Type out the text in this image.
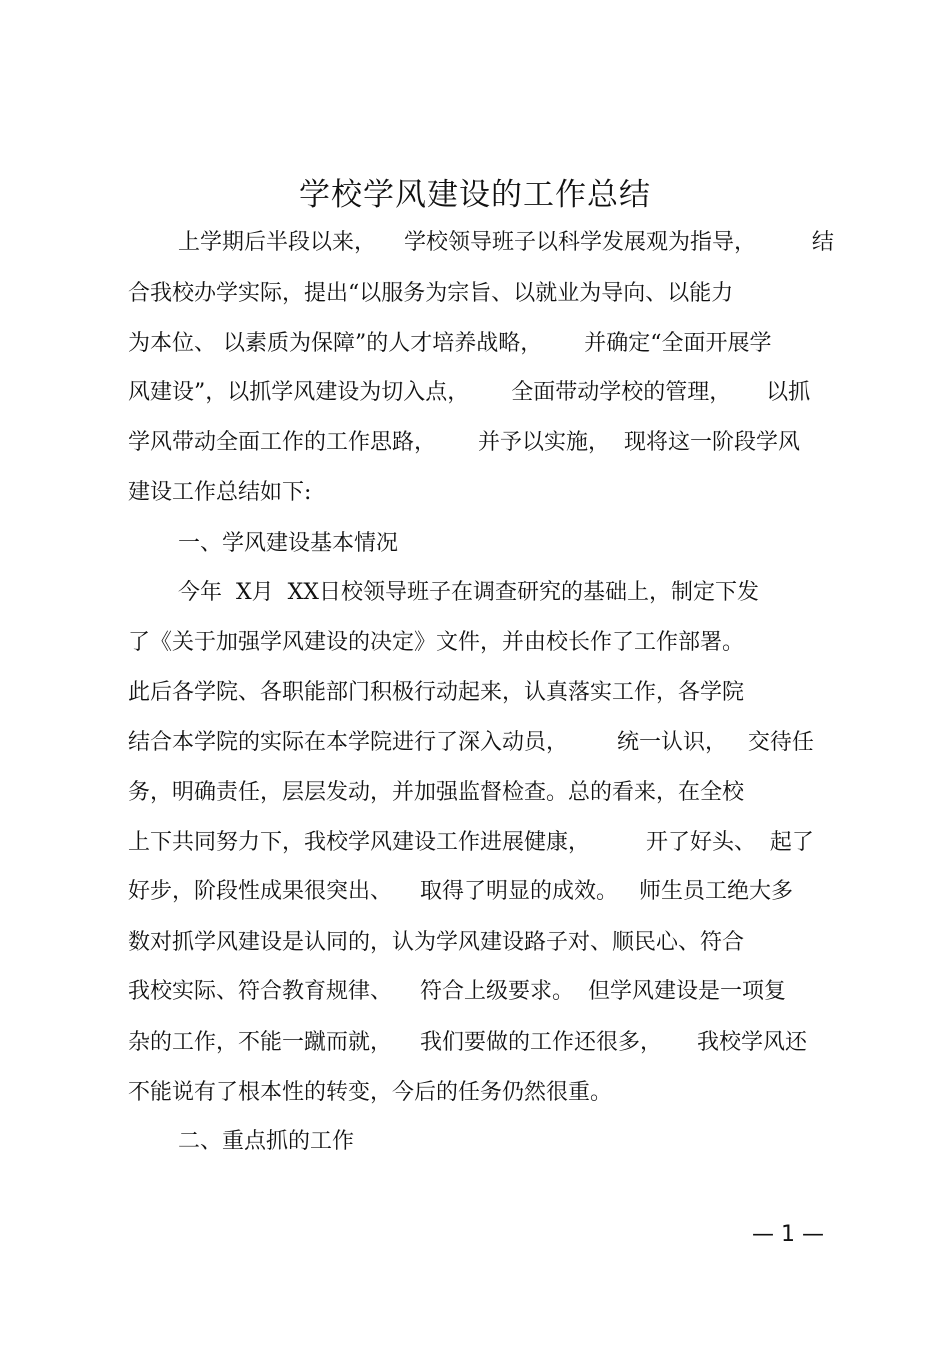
学校学风建设的工作总结
上学期后半段以来，    学校领导班子以科学发展观为指导，        结
合我校办学实际，提出“以服务为宗旨、以就业为导向、以能力
为本位、 以素质为保障”的人才培养战略，      并确定“全面开展学
风建设”，以抓学风建设为切入点，      全面带动学校的管理，     以抓
学风带动全面工作的工作思路，      并予以实施，  现将这一阶段学风
建设工作总结如下:
一、学风建设基本情况
今年  X月  XX日校领导班子在调查研究的基础上，制定下发
了《关于加强学风建设的决定》文件，并由校长作了工作部署。
此后各学院、各职能部门积极行动起来，认真落实工作，各学院
结合本学院的实际在本学院进行了深入动员，       统一认识，   交待任
务，明确责任，层层发动，并加强监督检查。总的看来，在全校
上下共同努力下，我校学风建设工作进展健康，        开了好头、  起了
好步，阶段性成果很突出、    取得了明显的成效。   师生员工绝大多
数对抓学风建设是认同的，认为学风建设路子对、顺民心、符合
我校实际、符合教育规律、    符合上级要求。  但学风建设是一项复
杂的工作，不能一蹴而就，    我们要做的工作还很多，     我校学风还
不能说有了根本性的转变，今后的任务仍然很重。
二、重点抓的工作
— 1 —
